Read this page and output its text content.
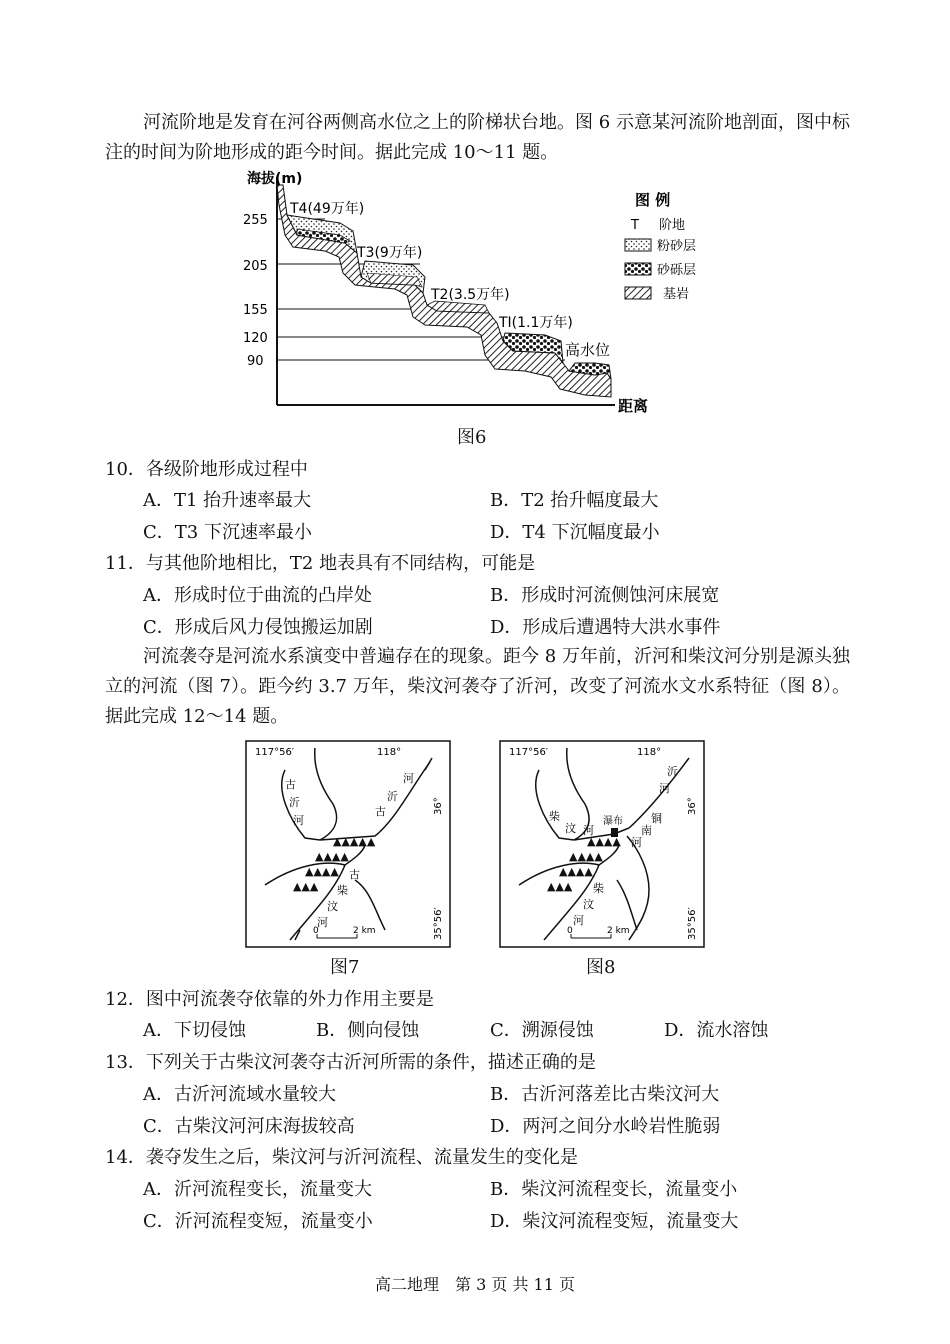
河流阶地是发育在河谷两侧高水位之上的阶梯状台地。图 6 示意某河流阶地剖面，图中标注的时间为阶地形成的距今时间。据此完成 10～11 题。
海拔(m)
距离
255
205
155
120
90
T4(49万年)
T3(9万年)
T2(3.5万年)
TI(1.1万年)
高水位
图 例
T 阶地
粉砂层
砂砾层
基岩
图6
10．各级阶地形成过程中
A．T1 抬升速率最大	B．T2 抬升幅度最大
C．T3 下沉速率最小	D．T4 下沉幅度最小
11．与其他阶地相比，T2 地表具有不同结构，可能是
A．形成时位于曲流的凸岸处	B．形成时河流侧蚀河床展宽
C．形成后风力侵蚀搬运加剧	D．形成后遭遇特大洪水事件
河流袭夺是河流水系演变中普遍存在的现象。距今 8 万年前，沂河和柴汶河分别是源头独立的河流（图 7）。距今约 3.7 万年，柴汶河袭夺了沂河，改变了河流水文水系特征（图 8）。据此完成 12～14 题。
117°56′	118°
36°
35°56′
▲▲▲▲▲
▲▲▲▲
▲▲▲▲
▲▲▲
古
沂
河
古
沂
河
古
柴
汶
河
0	2 km
图7
117°56′	118°
36°
35°56′
▲▲▲▲
▲▲▲▲
▲▲▲▲
▲▲▲
沂
河
柴
汶 河
柴
汶
河
河
南
铜
瀑布
0	2 km
图8
12．图中河流袭夺依靠的外力作用主要是
A．下切侵蚀	B．侧向侵蚀	C．溯源侵蚀	D．流水溶蚀
13．下列关于古柴汶河袭夺古沂河所需的条件，描述正确的是
A．古沂河流域水量较大	B．古沂河落差比古柴汶河大
C．古柴汶河河床海拔较高	D．两河之间分水岭岩性脆弱
14．袭夺发生之后，柴汶河与沂河流程、流量发生的变化是
A．沂河流程变长，流量变大	B．柴汶河流程变长，流量变小
C．沂河流程变短，流量变小	D．柴汶河流程变短，流量变大
高二地理　第 3 页 共 11 页
